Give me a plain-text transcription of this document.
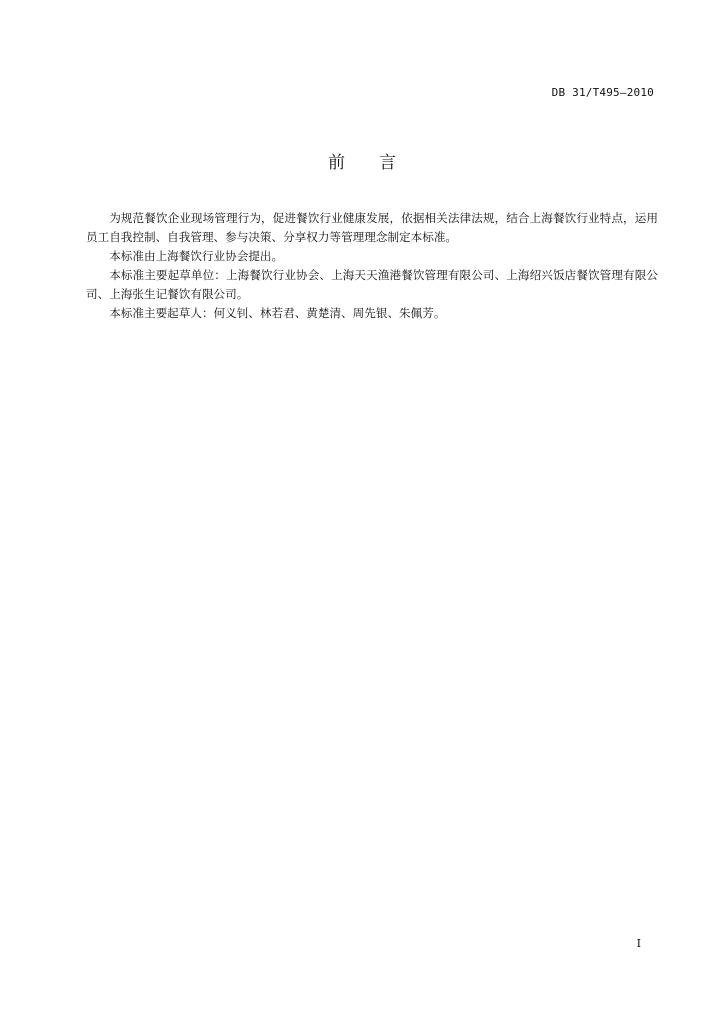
DB 31/T495—2010
前　　言

为规范餐饮企业现场管理行为，促进餐饮行业健康发展，依据相关法律法规，结合上海餐饮行业特点，运用员工自我控制、自我管理、参与决策、分享权力等管理理念制定本标准。

本标准由上海餐饮行业协会提出。

本标准主要起草单位：上海餐饮行业协会、上海天天渔港餐饮管理有限公司、上海绍兴饭店餐饮管理有限公司、上海张生记餐饮有限公司。

本标准主要起草人：何义钊、林若君、黄楚清、周先银、朱佩芳。

I
